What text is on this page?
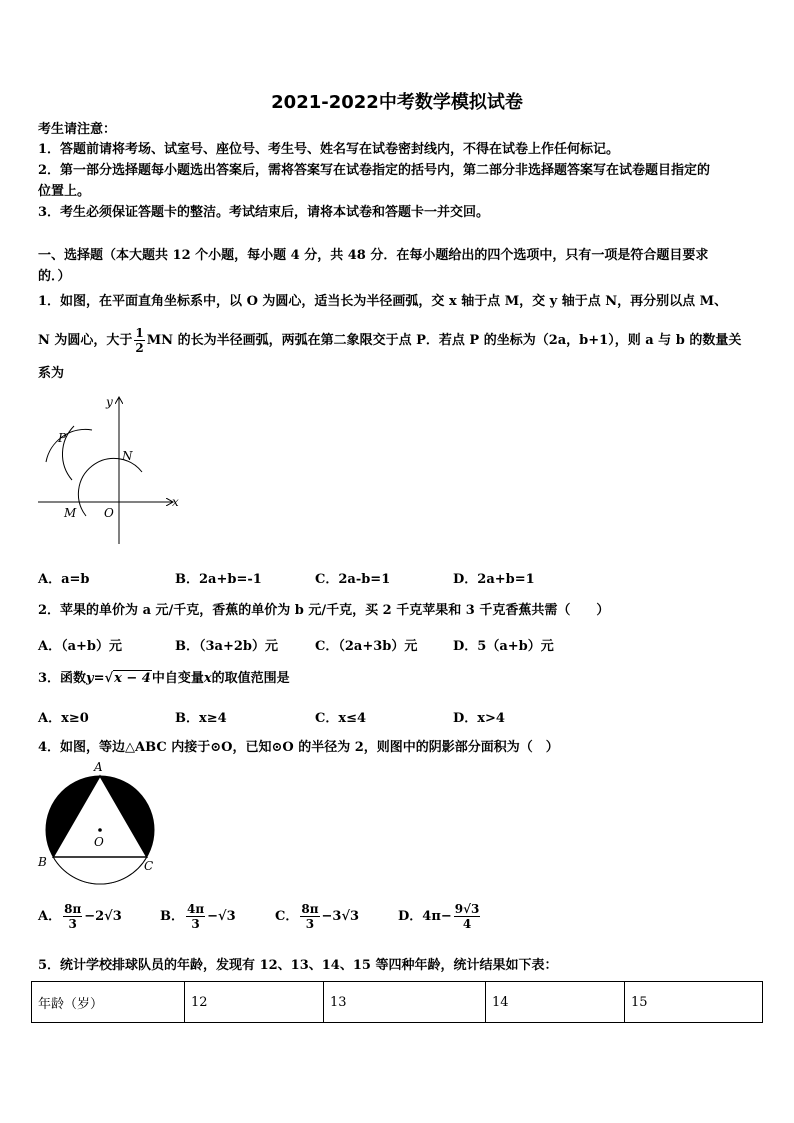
2021-2022中考数学模拟试卷
考生请注意：
1．答题前请将考场、试室号、座位号、考生号、姓名写在试卷密封线内，不得在试卷上作任何标记。
2．第一部分选择题每小题选出答案后，需将答案写在试卷指定的括号内，第二部分非选择题答案写在试卷题目指定的
位置上。
3．考生必须保证答题卡的整洁。考试结束后，请将本试卷和答题卡一并交回。
一、选择题（本大题共 12 个小题，每小题 4 分，共 48 分．在每小题给出的四个选项中，只有一项是符合题目要求
的．）
1．如图，在平面直角坐标系中，以 O 为圆心，适当长为半径画弧，交 x 轴于点 M，交 y 轴于点 N，再分别以点 M、
N 为圆心，大于 $\frac{1}{2}$ MN 的长为半径画弧，两弧在第二象限交于点 P．若点 P 的坐标为（2a，b+1），则 a 与 b 的数量关
系为
y
x
P
N
M O
A．a=b	B．2a+b=-1	C．2a-b=1	D．2a+b=1
2．苹果的单价为 a 元/千克，香蕉的单价为 b 元/千克，买 2 千克苹果和 3 千克香蕉共需（　　）
A．（a+b）元	B．（3a+2b）元	C．（2a+3b）元	D．5（a+b）元
3．函数y=√x − 4中自变量x的取值范围是
A．x≥0	B．x≥4	C．x≤4	D．x>4
4．如图，等边△ABC 内接于⊙O，已知⊙O 的半径为 2，则图中的阴影部分面积为（　）
A
B	C
O
A． $\frac{8\pi}{3} -2√3$	B． $\frac{4\pi}{3} -√3$	C． $\frac{8\pi}{3} -3√3$	D．$4\pi- \frac{9√3}{4}$
5．统计学校排球队员的年龄，发现有 12、13、14、15 等四种年龄，统计结果如下表：
年龄（岁）	12	13	14	15
